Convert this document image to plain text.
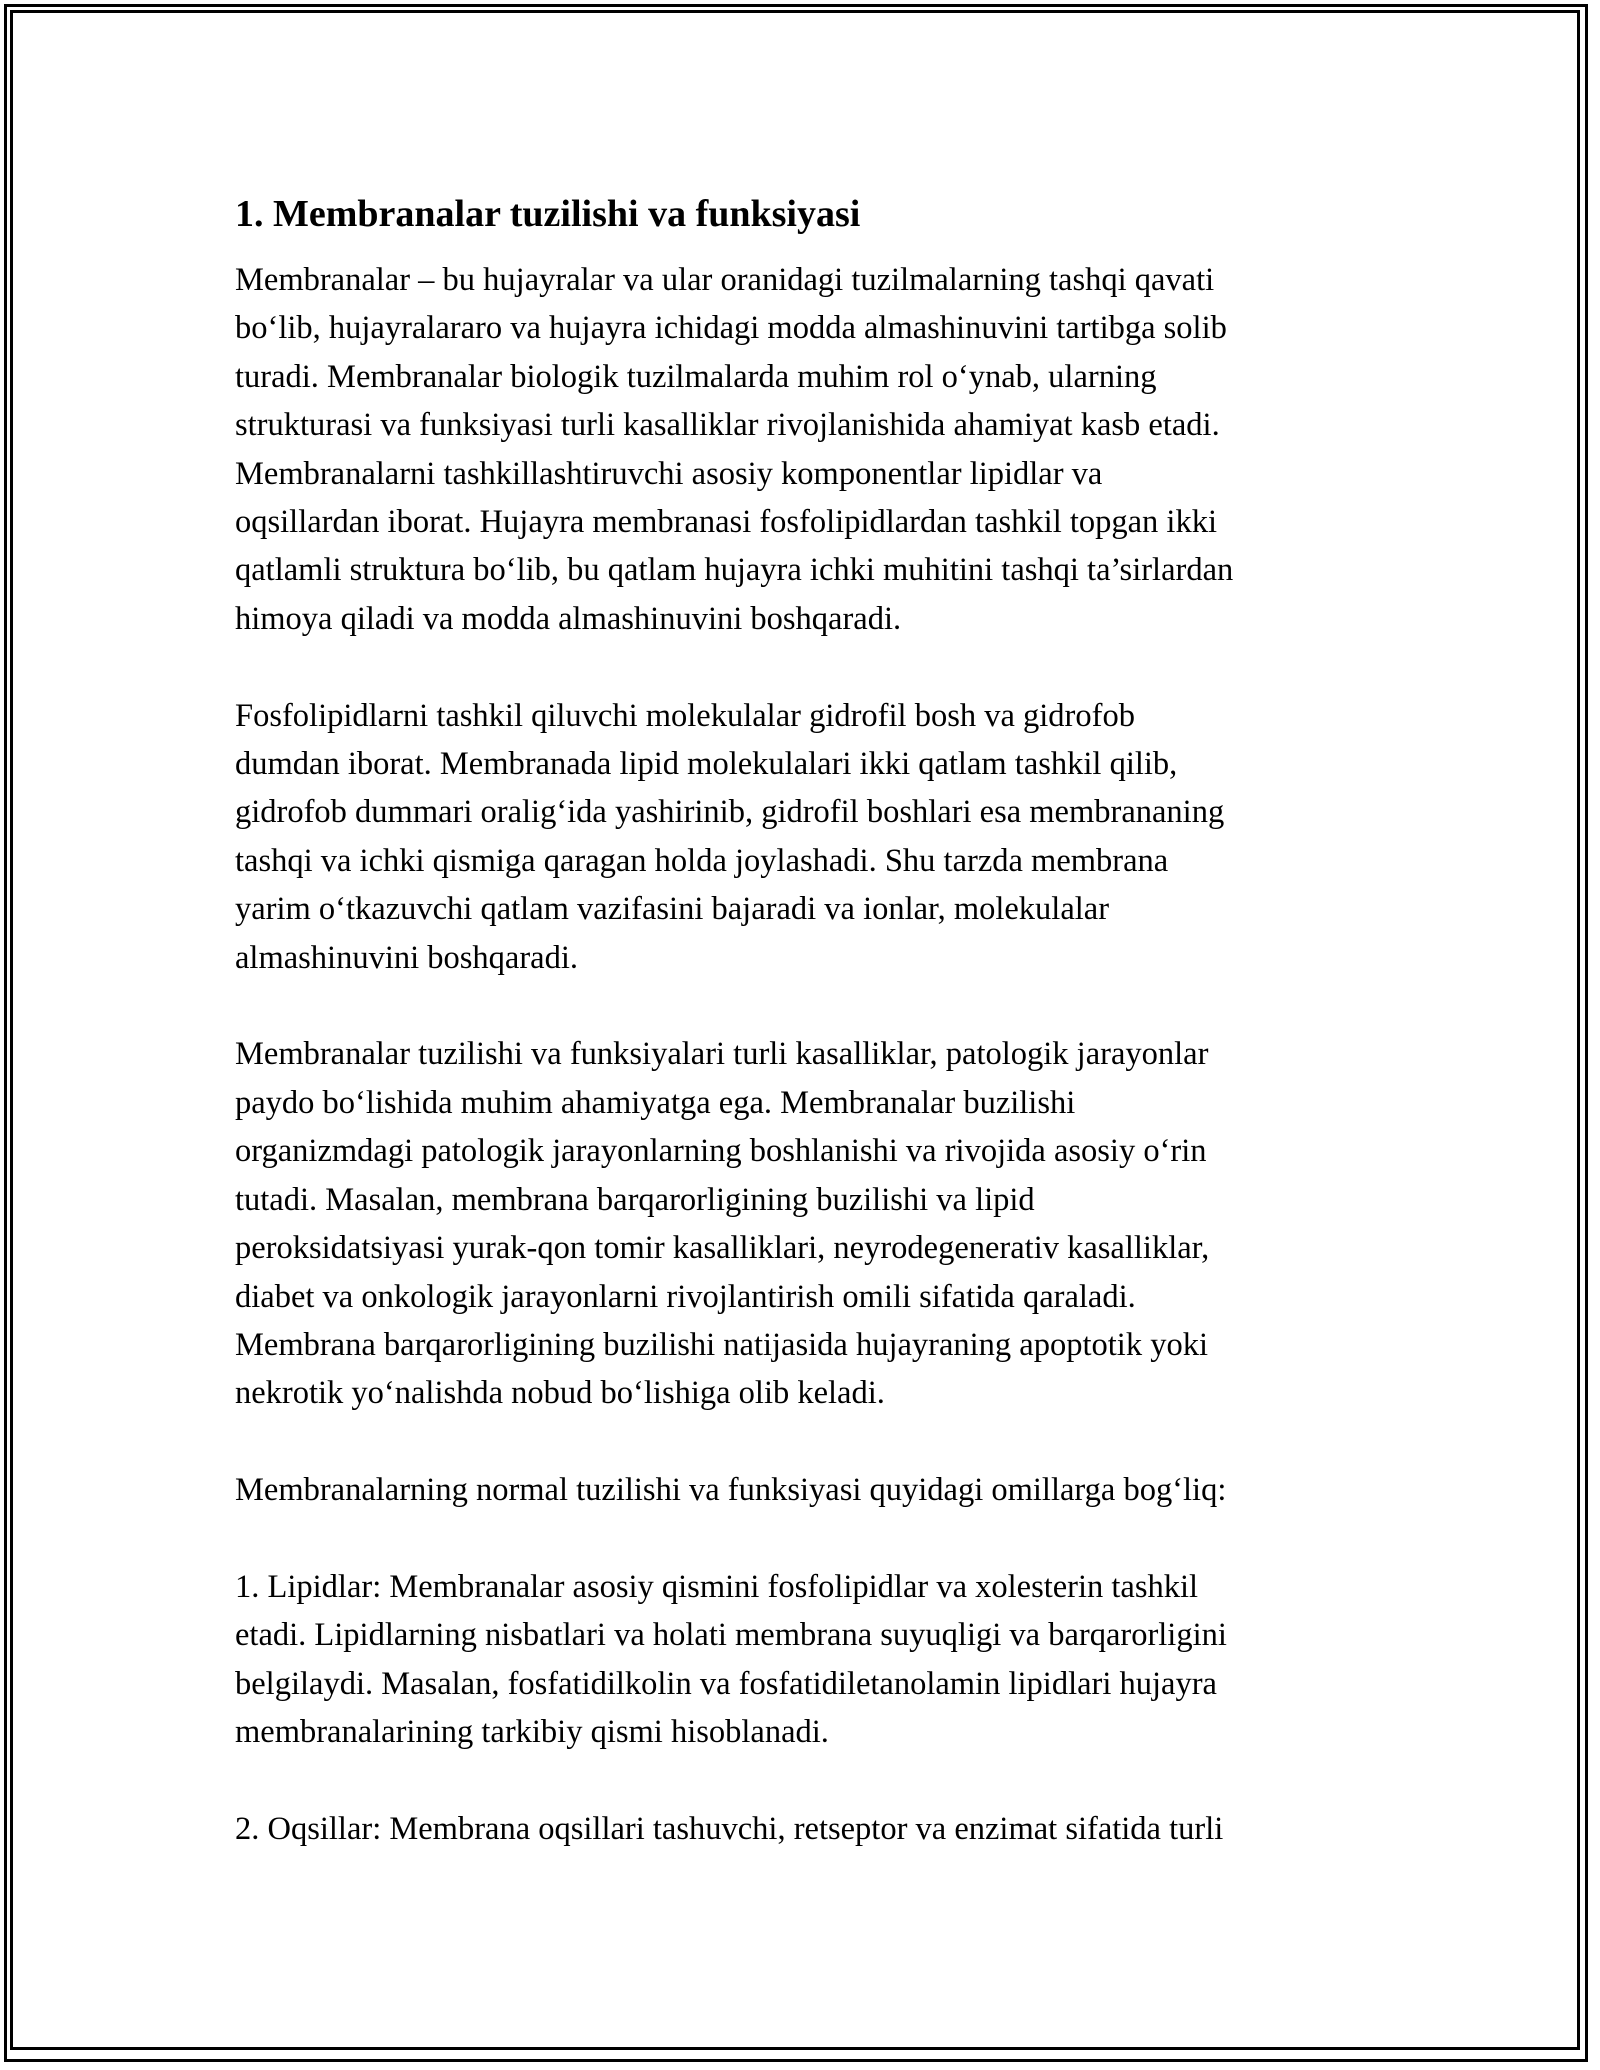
1. Membranalar tuzilishi va funksiyasi

Membranalar – bu hujayralar va ular oranidagi tuzilmalarning tashqi qavati
bo‘lib, hujayralararo va hujayra ichidagi modda almashinuvini tartibga solib
turadi. Membranalar biologik tuzilmalarda muhim rol o‘ynab, ularning
strukturasi va funksiyasi turli kasalliklar rivojlanishida ahamiyat kasb etadi.
Membranalarni tashkillashtiruvchi asosiy komponentlar lipidlar va
oqsillardan iborat. Hujayra membranasi fosfolipidlardan tashkil topgan ikki
qatlamli struktura bo‘lib, bu qatlam hujayra ichki muhitini tashqi ta’sirlardan
himoya qiladi va modda almashinuvini boshqaradi.

Fosfolipidlarni tashkil qiluvchi molekulalar gidrofil bosh va gidrofob
dumdan iborat. Membranada lipid molekulalari ikki qatlam tashkil qilib,
gidrofob dummari oralig‘ida yashirinib, gidrofil boshlari esa membrananing
tashqi va ichki qismiga qaragan holda joylashadi. Shu tarzda membrana
yarim o‘tkazuvchi qatlam vazifasini bajaradi va ionlar, molekulalar
almashinuvini boshqaradi.

Membranalar tuzilishi va funksiyalari turli kasalliklar, patologik jarayonlar
paydo bo‘lishida muhim ahamiyatga ega. Membranalar buzilishi
organizmdagi patologik jarayonlarning boshlanishi va rivojida asosiy o‘rin
tutadi. Masalan, membrana barqarorligining buzilishi va lipid
peroksidatsiyasi yurak-qon tomir kasalliklari, neyrodegenerativ kasalliklar,
diabet va onkologik jarayonlarni rivojlantirish omili sifatida qaraladi.
Membrana barqarorligining buzilishi natijasida hujayraning apoptotik yoki
nekrotik yo‘nalishda nobud bo‘lishiga olib keladi.

Membranalarning normal tuzilishi va funksiyasi quyidagi omillarga bog‘liq:

1. Lipidlar: Membranalar asosiy qismini fosfolipidlar va xolesterin tashkil
etadi. Lipidlarning nisbatlari va holati membrana suyuqligi va barqarorligini
belgilaydi. Masalan, fosfatidilkolin va fosfatidiletanolamin lipidlari hujayra
membranalarining tarkibiy qismi hisoblanadi.

2. Oqsillar: Membrana oqsillari tashuvchi, retseptor va enzimat sifatida turli
